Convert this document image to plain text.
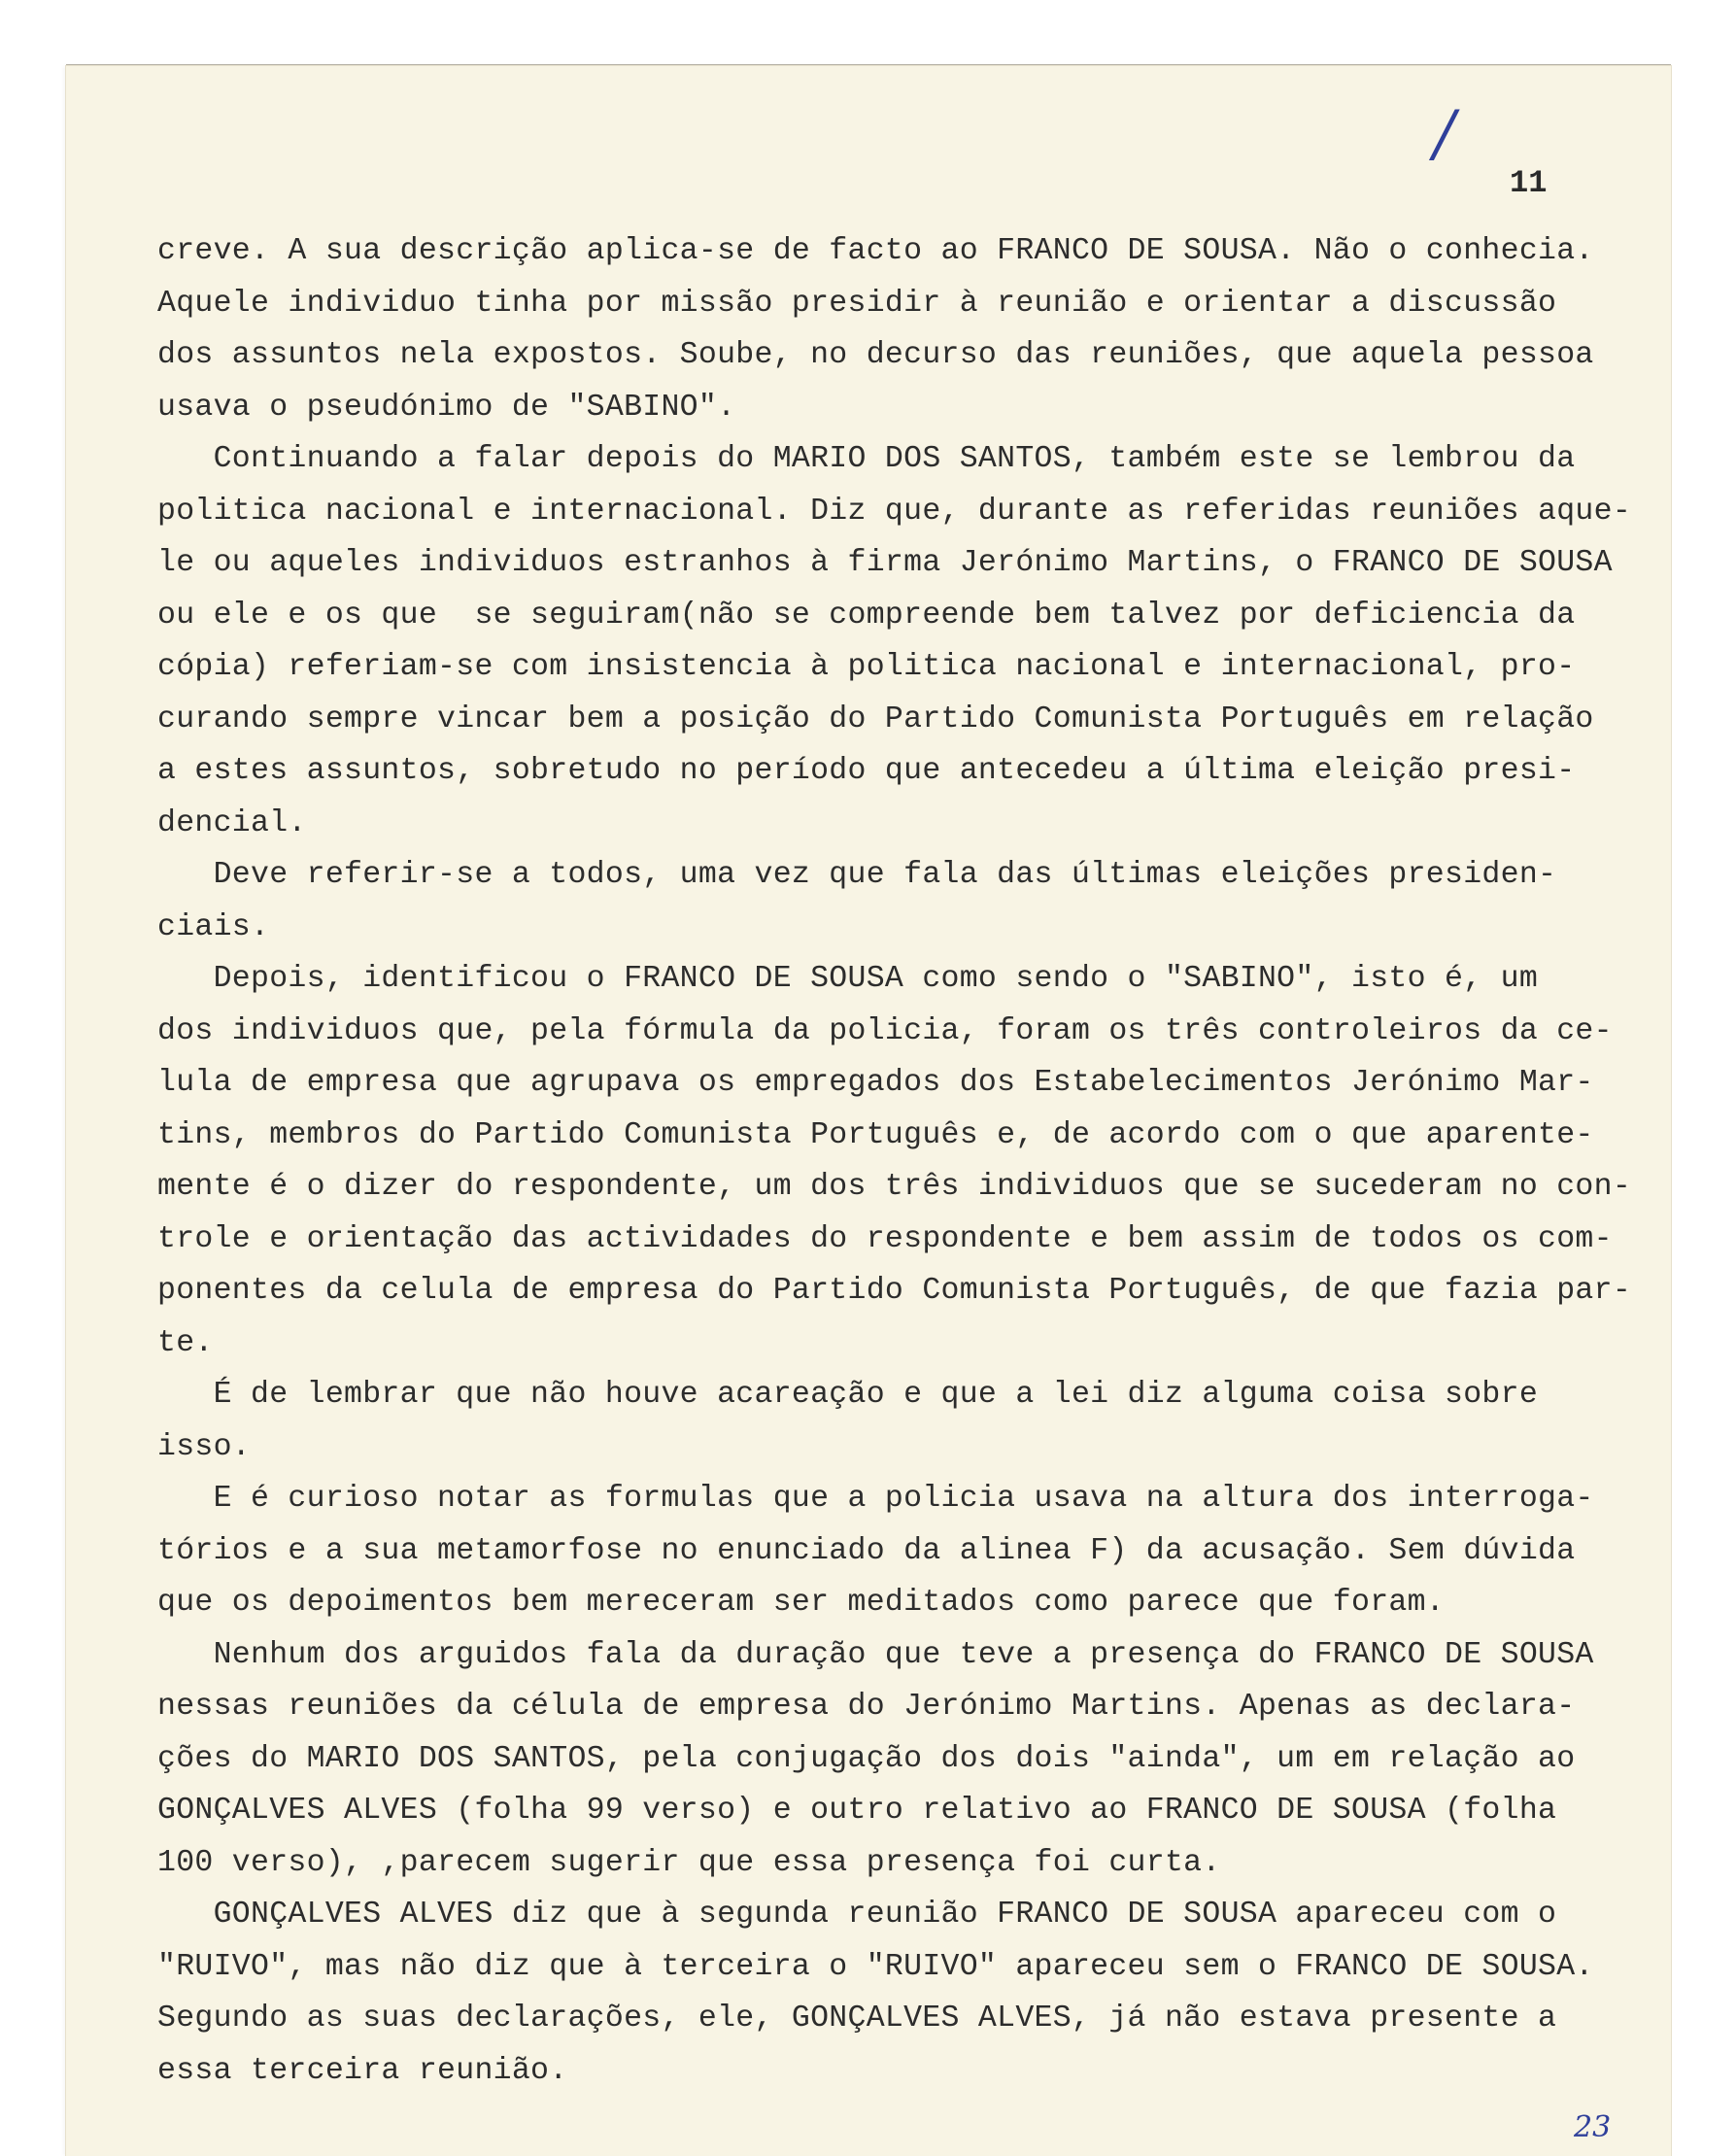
/
11
creve. A sua descrição aplica-se de facto ao FRANCO DE SOUSA. Não o conhecia.
Aquele individuo tinha por missão presidir à reunião e orientar a discussão
dos assuntos nela expostos. Soube, no decurso das reuniões, que aquela pessoa
usava o pseudónimo de "SABINO".
Continuando a falar depois do MARIO DOS SANTOS, também este se lembrou da
politica nacional e internacional. Diz que, durante as referidas reuniões aque-
le ou aqueles individuos estranhos à firma Jerónimo Martins, o FRANCO DE SOUSA
ou ele e os que  se seguiram(não se compreende bem talvez por deficiencia da
cópia) referiam-se com insistencia à politica nacional e internacional, pro-
curando sempre vincar bem a posição do Partido Comunista Português em relação
a estes assuntos, sobretudo no período que antecedeu a última eleição presi-
dencial.
Deve referir-se a todos, uma vez que fala das últimas eleições presiden-
ciais.
Depois, identificou o FRANCO DE SOUSA como sendo o "SABINO", isto é, um
dos individuos que, pela fórmula da policia, foram os três controleiros da ce-
lula de empresa que agrupava os empregados dos Estabelecimentos Jerónimo Mar-
tins, membros do Partido Comunista Português e, de acordo com o que aparente-
mente é o dizer do respondente, um dos três individuos que se sucederam no con-
trole e orientação das actividades do respondente e bem assim de todos os com-
ponentes da celula de empresa do Partido Comunista Português, de que fazia par-
te.
É de lembrar que não houve acareação e que a lei diz alguma coisa sobre
isso.
E é curioso notar as formulas que a policia usava na altura dos interroga-
tórios e a sua metamorfose no enunciado da alinea F) da acusação. Sem dúvida
que os depoimentos bem mereceram ser meditados como parece que foram.
Nenhum dos arguidos fala da duração que teve a presença do FRANCO DE SOUSA
nessas reuniões da célula de empresa do Jerónimo Martins. Apenas as declara-
ções do MARIO DOS SANTOS, pela conjugação dos dois "ainda", um em relação ao
GONÇALVES ALVES (folha 99 verso) e outro relativo ao FRANCO DE SOUSA (folha
100 verso), ,parecem sugerir que essa presença foi curta.
GONÇALVES ALVES diz que à segunda reunião FRANCO DE SOUSA apareceu com o
"RUIVO", mas não diz que à terceira o "RUIVO" apareceu sem o FRANCO DE SOUSA.
Segundo as suas declarações, ele, GONÇALVES ALVES, já não estava presente a
essa terceira reunião.
23
